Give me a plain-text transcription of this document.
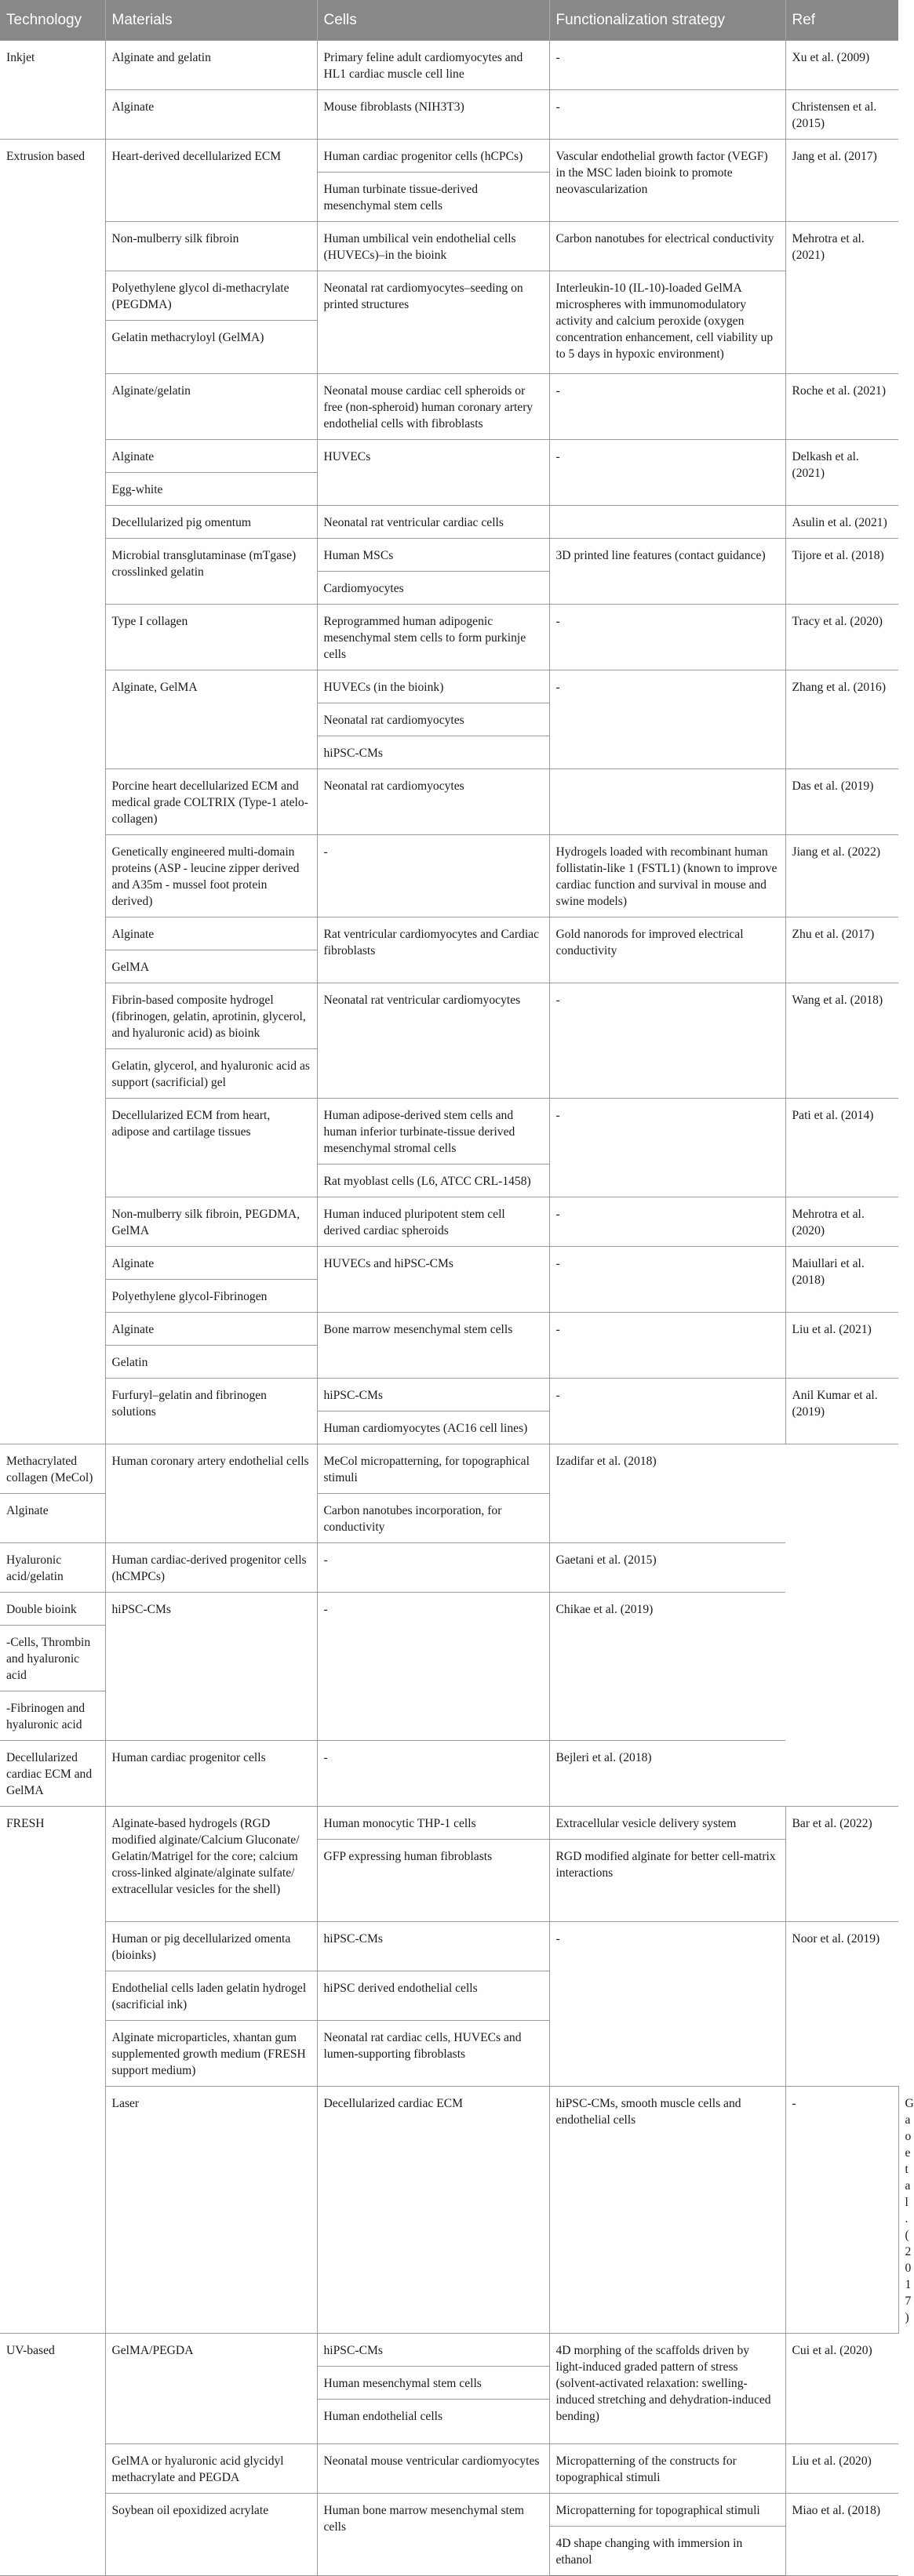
Technology	Materials	Cells	Functionalization strategy	Ref	
Inkjet	Alginate and gelatin	Primary feline adult cardiomyocytes and HL1 cardiac muscle cell line	-	Xu et al. (2009)	
	Alginate	Mouse fibroblasts (NIH3T3)	-	Christensen et al. (2015)	
Extrusion based	Heart-derived decellularized ECM	Human cardiac progenitor cells (hCPCs)	Vascular endothelial growth factor (VEGF) in the MSC laden bioink to promote neovascularization	Jang et al. (2017)	
		Human turbinate tissue-derived mesenchymal stem cells			
	Non-mulberry silk fibroin	Human umbilical vein endothelial cells (HUVECs)–in the bioink	Carbon nanotubes for electrical conductivity	Mehrotra et al. (2021)	
	Polyethylene glycol di-methacrylate (PEGDMA)	Neonatal rat cardiomyocytes–seeding on printed structures	Interleukin-10 (IL-10)-loaded GelMA microspheres with immunomodulatory activity and calcium peroxide (oxygen concentration enhancement, cell viability up to 5 days in hypoxic environment)		
	Gelatin methacryloyl (GelMA)				
	Alginate/gelatin	Neonatal mouse cardiac cell spheroids or free (non-spheroid) human coronary artery endothelial cells with fibroblasts	-	Roche et al. (2021)	
	Alginate	HUVECs	-	Delkash et al. (2021)	
	Egg-white				
	Decellularized pig omentum	Neonatal rat ventricular cardiac cells		Asulin et al. (2021)	
	Microbial transglutaminase (mTgase) crosslinked gelatin	Human MSCs	3D printed line features (contact guidance)	Tijore et al. (2018)	
		Cardiomyocytes			
	Type I collagen	Reprogrammed human adipogenic mesenchymal stem cells to form purkinje cells	-	Tracy et al. (2020)	
	Alginate, GelMA	HUVECs (in the bioink)	-	Zhang et al. (2016)	
		Neonatal rat cardiomyocytes			
		hiPSC-CMs			
	Porcine heart decellularized ECM and medical grade COLTRIX (Type-1 atelo-collagen)	Neonatal rat cardiomyocytes		Das et al. (2019)	
	Genetically engineered multi-domain proteins (ASP - leucine zipper derived and A35m - mussel foot protein derived)	-	Hydrogels loaded with recombinant human follistatin-like 1 (FSTL1) (known to improve cardiac function and survival in mouse and swine models)	Jiang et al. (2022)	
	Alginate	Rat ventricular cardiomyocytes and Cardiac fibroblasts	Gold nanorods for improved electrical conductivity	Zhu et al. (2017)	
	GelMA				
	Fibrin-based composite hydrogel (fibrinogen, gelatin, aprotinin, glycerol, and hyaluronic acid) as bioink	Neonatal rat ventricular cardiomyocytes	-	Wang et al. (2018)	
	Gelatin, glycerol, and hyaluronic acid as support (sacrificial) gel				
	Decellularized ECM from heart, adipose and cartilage tissues	Human adipose-derived stem cells and human inferior turbinate-tissue derived mesenchymal stromal cells	-	Pati et al. (2014)	
		Rat myoblast cells (L6, ATCC CRL-1458)			
	Non-mulberry silk fibroin, PEGDMA, GelMA	Human induced pluripotent stem cell derived cardiac spheroids	-	Mehrotra et al. (2020)	
	Alginate	HUVECs and hiPSC-CMs	-	Maiullari et al. (2018)	
	Polyethylene glycol-Fibrinogen				
	Alginate	Bone marrow mesenchymal stem cells	-	Liu et al. (2021)	
	Gelatin				
	Furfuryl–gelatin and fibrinogen solutions	hiPSC-CMs	-	Anil Kumar et al. (2019)	
		Human cardiomyocytes (AC16 cell lines)			
Methacrylated collagen (MeCol)	Human coronary artery endothelial cells	MeCol micropatterning, for topographical stimuli	Izadifar et al. (2018)		
Alginate		Carbon nanotubes incorporation, for conductivity			
Hyaluronic acid/gelatin	Human cardiac-derived progenitor cells (hCMPCs)	-	Gaetani et al. (2015)		
Double bioink	hiPSC-CMs	-	Chikae et al. (2019)		
-Cells, Thrombin and hyaluronic acid					
-Fibrinogen and hyaluronic acid					
Decellularized cardiac ECM and GelMA	Human cardiac progenitor cells	-	Bejleri et al. (2018)		
FRESH	Alginate-based hydrogels (RGD modified alginate/Calcium Gluconate/ Gelatin/Matrigel for the core; calcium cross-linked alginate/alginate sulfate/ extracellular vesicles for the shell)	Human monocytic THP-1 cells	Extracellular vesicle delivery system	Bar et al. (2022)	
		GFP expressing human fibroblasts	RGD modified alginate for better cell-matrix interactions		
	Human or pig decellularized omenta (bioinks)	hiPSC-CMs	-	Noor et al. (2019)	
	Endothelial cells laden gelatin hydrogel (sacrificial ink)	hiPSC derived endothelial cells			
	Alginate microparticles, xhantan gum supplemented growth medium (FRESH support medium)	Neonatal rat cardiac cells, HUVECs and lumen-supporting fibroblasts			
	Laser	Decellularized cardiac ECM	hiPSC-CMs, smooth muscle cells and endothelial cells	-	Gao et al. (2017)
UV-based	GelMA/PEGDA	hiPSC-CMs	4D morphing of the scaffolds driven by light-induced graded pattern of stress (solvent-activated relaxation: swelling-induced stretching and dehydration-induced bending)	Cui et al. (2020)	
		Human mesenchymal stem cells			
		Human endothelial cells			
	GelMA or hyaluronic acid glycidyl methacrylate and PEGDA	Neonatal mouse ventricular cardiomyocytes	Micropatterning of the constructs for topographical stimuli	Liu et al. (2020)	
	Soybean oil epoxidized acrylate	Human bone marrow mesenchymal stem cells	Micropatterning for topographical stimuli	Miao et al. (2018)	
			4D shape changing with immersion in ethanol		
